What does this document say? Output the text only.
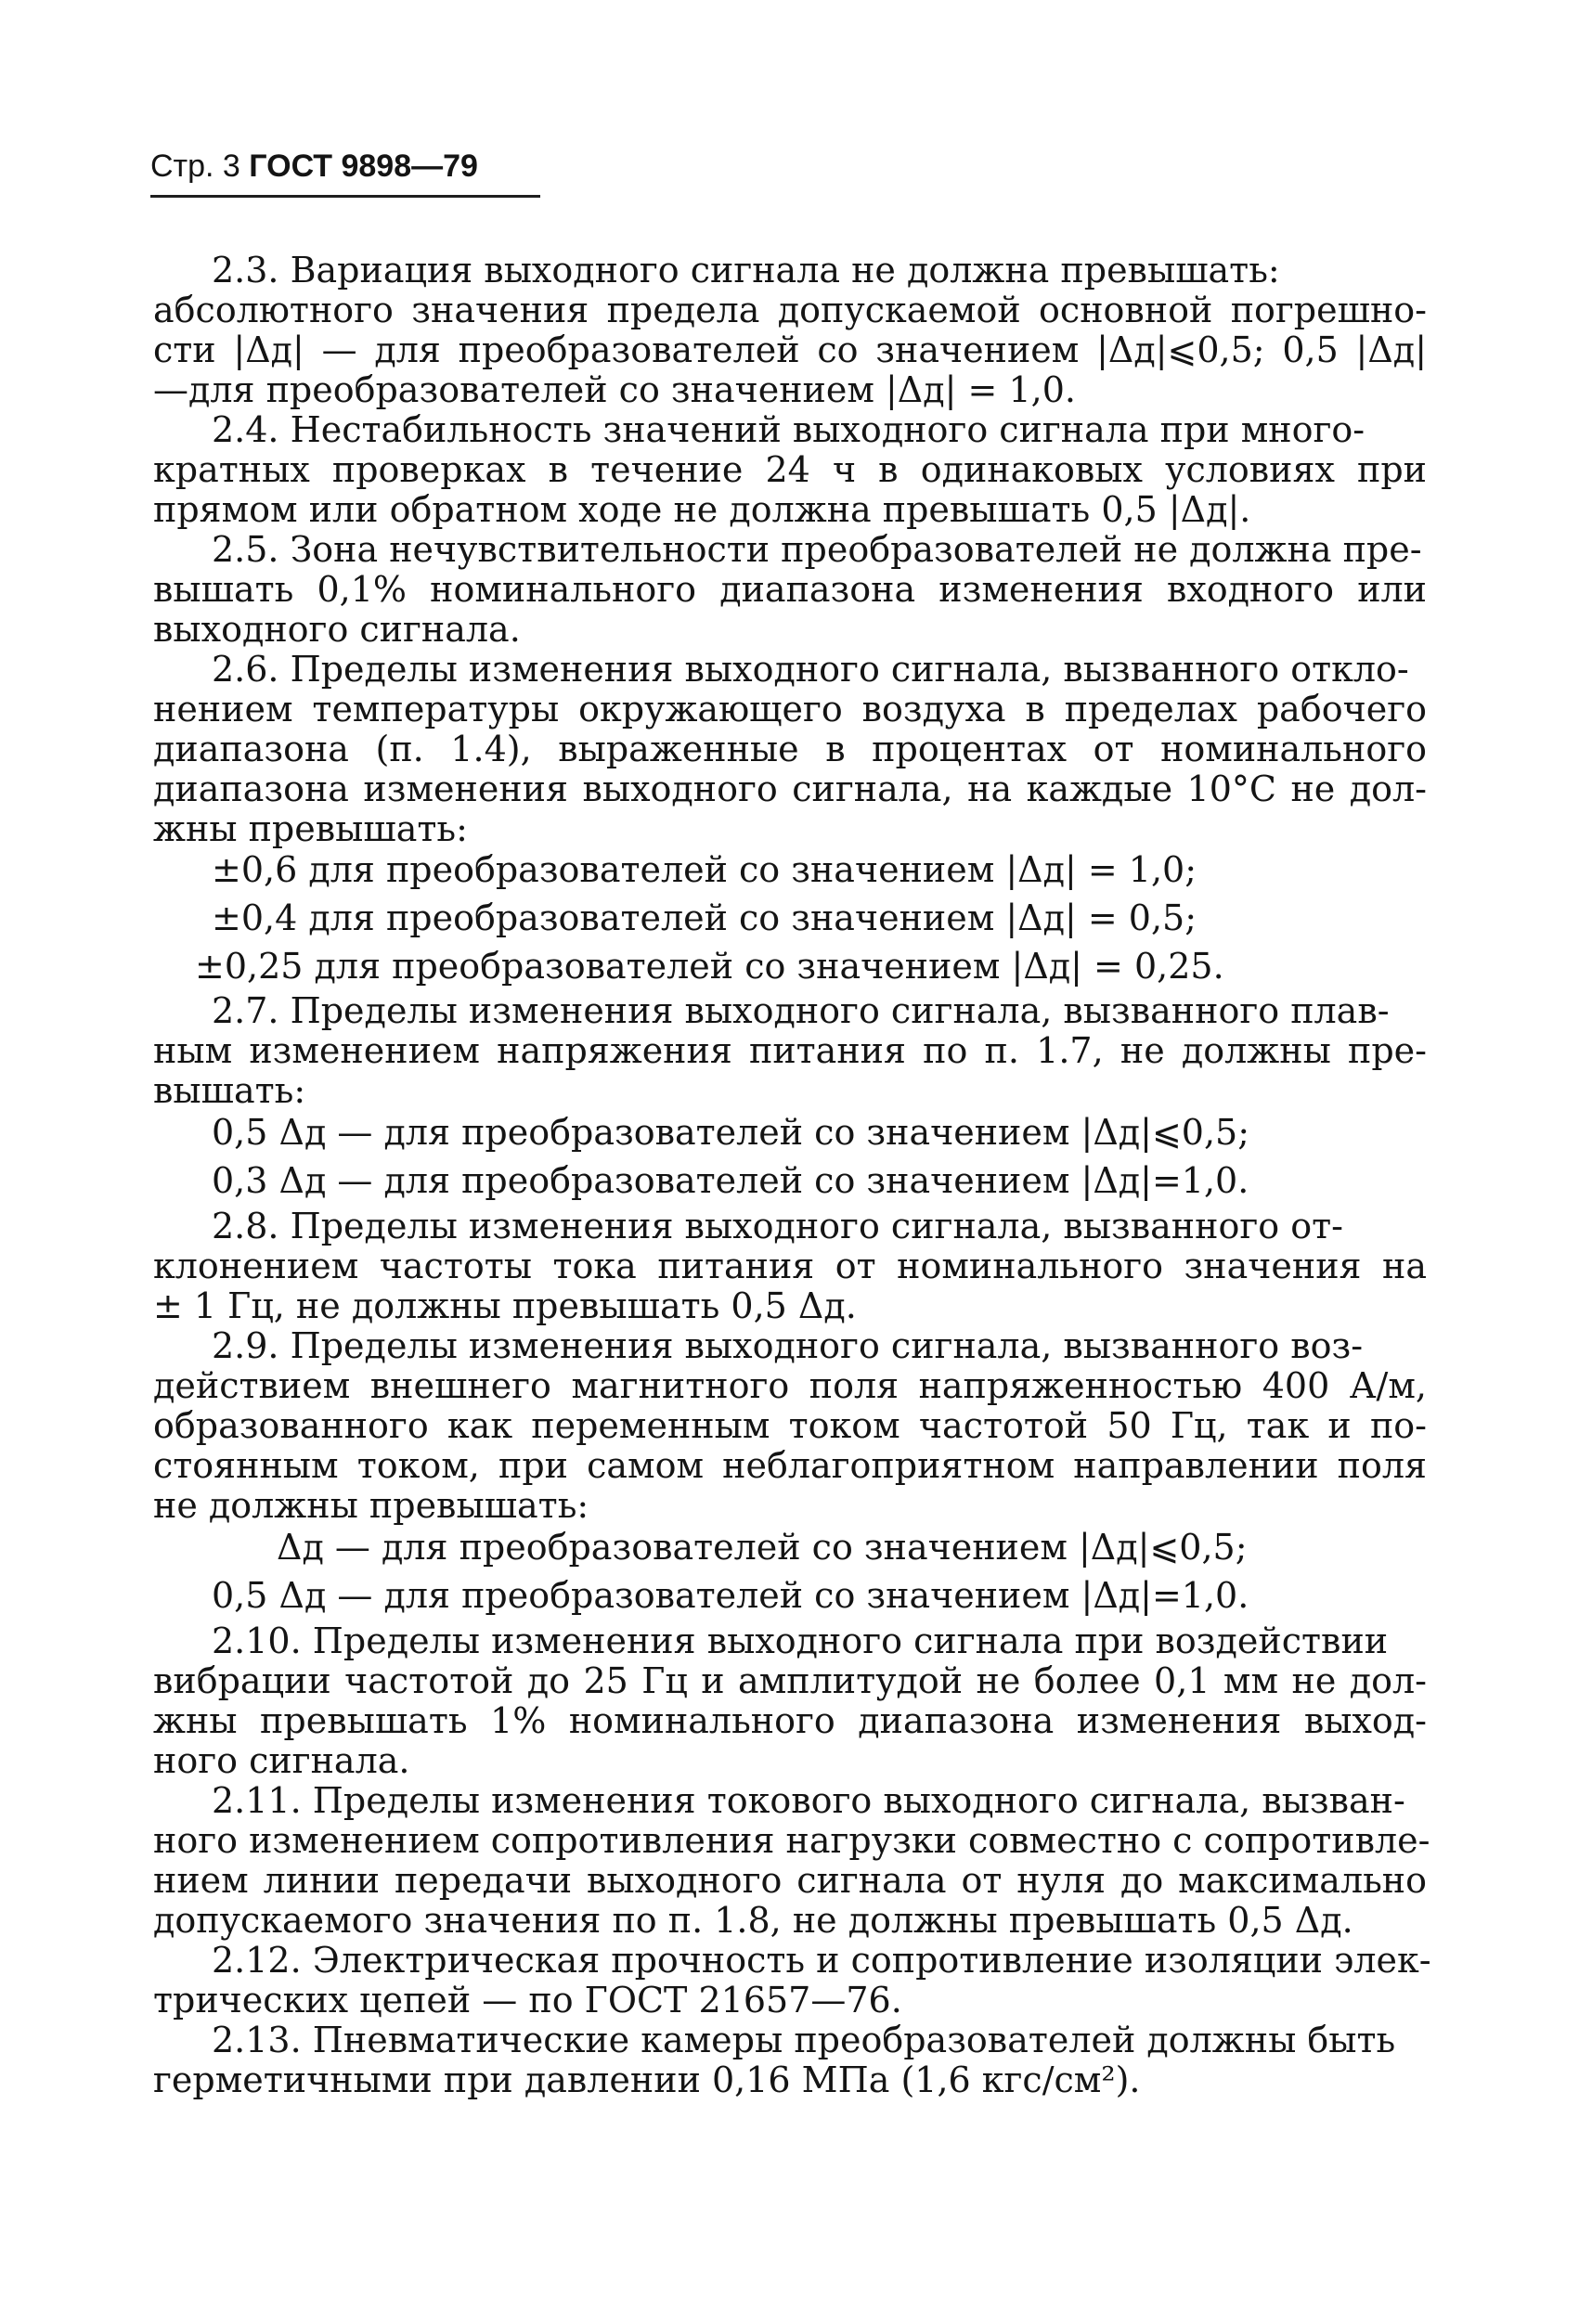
Стр. 3 ГОСТ 9898—79
2.3. Вариация выходного сигнала не должна превышать:
абсолютного значения предела допускаемой основной погрешно-
сти |Δд| — для преобразователей со значением |Δд|⩽0,5; 0,5 |Δд|
—для преобразователей со значением |Δд| = 1,0.
2.4. Нестабильность значений выходного сигнала при много-
кратных проверках в течение 24 ч в одинаковых условиях при
прямом или обратном ходе не должна превышать 0,5 |Δд|.
2.5. Зона нечувствительности преобразователей не должна пре-
вышать 0,1% номинального диапазона изменения входного или
выходного сигнала.
2.6. Пределы изменения выходного сигнала, вызванного откло-
нением температуры окружающего воздуха в пределах рабочего
диапазона (п. 1.4), выраженные в процентах от номинального
диапазона изменения выходного сигнала, на каждые 10°С не дол-
жны превышать:
±0,6 для преобразователей со значением |Δд| = 1,0;
±0,4 для преобразователей со значением |Δд| = 0,5;
±0,25 для преобразователей со значением |Δд| = 0,25.
2.7. Пределы изменения выходного сигнала, вызванного плав-
ным изменением напряжения питания по п. 1.7, не должны пре-
вышать:
0,5 Δд — для преобразователей со значением |Δд|⩽0,5;
0,3 Δд — для преобразователей со значением |Δд|=1,0.
2.8. Пределы изменения выходного сигнала, вызванного от-
клонением частоты тока питания от номинального значения на
± 1 Гц, не должны превышать 0,5 Δд.
2.9. Пределы изменения выходного сигнала, вызванного воз-
действием внешнего магнитного поля напряженностью 400 А/м,
образованного как переменным током частотой 50 Гц, так и по-
стоянным током, при самом неблагоприятном направлении поля
не должны превышать:
Δд — для преобразователей со значением |Δд|⩽0,5;
0,5 Δд — для преобразователей со значением |Δд|=1,0.
2.10. Пределы изменения выходного сигнала при воздействии
вибрации частотой до 25 Гц и амплитудой не более 0,1 мм не дол-
жны превышать 1% номинального диапазона изменения выход-
ного сигнала.
2.11. Пределы изменения токового выходного сигнала, вызван-
ного изменением сопротивления нагрузки совместно с сопротивле-
нием линии передачи выходного сигнала от нуля до максимально
допускаемого значения по п. 1.8, не должны превышать 0,5 Δд.
2.12. Электрическая прочность и сопротивление изоляции элек-
трических цепей — по ГОСТ 21657—76.
2.13. Пневматические камеры преобразователей должны быть
герметичными при давлении 0,16 МПа (1,6 кгс/см²).
